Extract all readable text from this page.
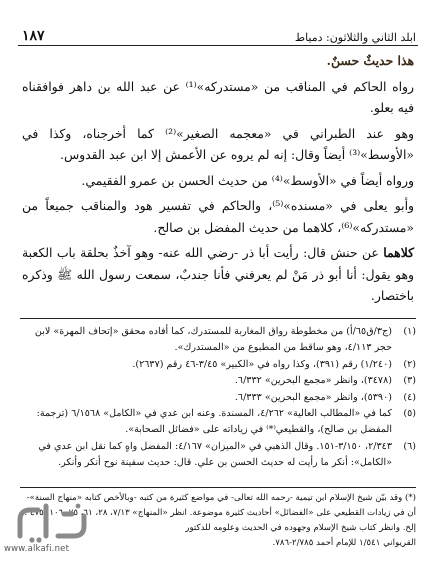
ابلد الثاني والثلاثون: دمياط
١٨٧

هذا حديثٌ حسنٌ.

رواه الحاكم في المناقب من «مستدركه»⁽¹⁾ عن عبد الله بن داهر فوافقناه فيه بعلو.

وهو عند الطبراني في «معجمه الصغير»⁽²⁾ كما أخرجناه، وكذا في «الأوسط»⁽³⁾ أيضاً وقال: إنه لم يروه عن الأعمش إلا ابن عبد القدوس.

ورواه أيضاً في «الأوسط»⁽⁴⁾ من حديث الحسن بن عمرو الفقيمي.

وأبو يعلى في «مسنده»⁽⁵⁾، والحاكم في تفسير هود والمناقب جميعاً من «مستدركه»⁽⁶⁾، كلاهما من حديث المفضل بن صالح.

كلاهما عن حنش قال: رأيت أبا ذر -رضي الله عنه- وهو آخذٌ بحلقة باب الكعبة وهو يقول: أنا أبو ذر مَنْ لم يعرفني فأنا جندبٌ، سمعت رسول الله ﷺ وذكره باختصار.

(١)
(ج٣/ق٦٥/أ) من مخطوطة رواق المغاربة للمستدرك، كما أفاده محقق «إتحاف المهرة» لابن حجر ٤/١١٣، وهو ساقط من المطبوع من «المستدرك».
(٢)
(١/٢٤٠) رقم (٣٩١)، وكذا رواه في «الكبير» ٣/٤٥-٤٦ رقم (٢٦٣٧).
(٣)
(٣٤٧٨)، وانظر «مجمع البحرين» ٦/٣٣٢.
(٤)
(٥٣٩٠)، وانظر «مجمع البحرين» ٦/٣٣٣.
(٥)
كما في «المطالب العالية» ٤/٢٦٢، المسندة. وعنه ابن عدي في «الكامل» ٦/١٥٦٨ (ترجمة: المفضل بن صالح)، والقطيعي⁽*⁾ في زياداته على «فضائل الصحابة».
(٦)
٢/٣٤٣، ٣/١٥٠-١٥١. وقال الذهبي في «الميزان» ٤/١٦٧: المفضل واهٍ كما نقل ابن عدي في «الكامل»: أنكر ما رأيت له حديث الحسن بن علي. قال: حديث سفينة نوح أنكر وأنكر.

(*) وقد بيّن شيخ الإسلام ابن تيمية -رحمه الله تعالى- في مواضع كثيرة من كتبه -وبالأخص كتابه «منهاج السنة»- أن في زيادات القطيعي على «الفضائل» أحاديث كثيرة موضوعة. انظر «المنهاج» ٧/١٣، ٢٨، ٦١، ٧٥، ١٠٦، ٤٧٥ ... إلخ. وانظر كتاب شيخ الإسلام وجهوده في الحديث وعلومه للدكتور

القريواني ١/٥٤١ للإمام أحمد ٢/٧٨٥-٧٨٦.

www.alkafi.net
